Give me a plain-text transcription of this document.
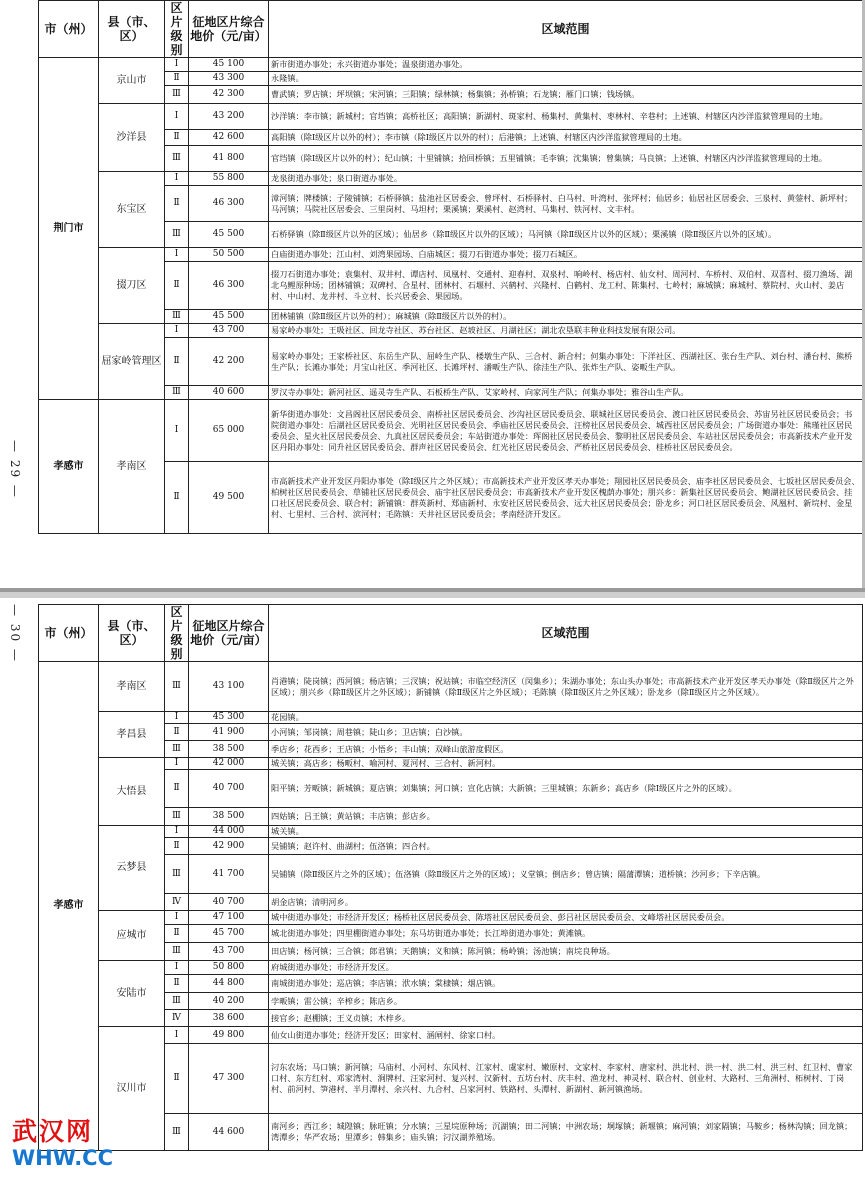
— 29 —
— 30 —
市（州）	县（市、区）	区片级别	征地区片综合地价（元/亩）	区域范围
荆门市	京山市	Ⅰ	45 100	新市街道办事处；永兴街道办事处；温泉街道办事处。
		Ⅱ	43 300	永隆镇。
		Ⅲ	42 300	曹武镇；罗店镇；坪坝镇；宋河镇；三阳镇；绿林镇；杨集镇；孙桥镇；石龙镇；雁门口镇；钱场镇。
	沙洋县	Ⅰ	43 200	沙洋镇：李市镇；新城村；官垱镇；高桥社区；高阳镇；新湖村、斑家村、杨集村、黄集村、枣林村、辛巷村；上述镇、村辖区内沙洋监狱管理局的土地。
		Ⅱ	42 600	高阳镇（除Ⅰ级区片以外的村）；李市镇（除Ⅰ级区片以外的村）；后港镇；上述镇、村辖区内沙洋监狱管理局的土地。
		Ⅲ	41 800	官垱镇（除Ⅰ级区片以外的村）；纪山镇；十里铺镇；拾回桥镇；五里铺镇；毛李镇；沈集镇；曾集镇；马良镇；上述镇、村辖区内沙洋监狱管理局的土地。
	东宝区	Ⅰ	55 800	龙泉街道办事处；泉口街道办事处。
		Ⅱ	46 300	漳河镇；牌楼镇；子陵铺镇；石桥驿镇；盐池社区居委会、曾坪村、石桥驿村、白马村、叶湾村、张坪村；仙居乡；仙居社区居委会、三泉村、黄蓥村、新坪村；马河镇；马院社区居委会、三里岗村、马坦村；栗溪镇；栗溪村、赵湾村、马集村、铁河村、文丰村。
		Ⅲ	45 500	石桥驿镇（除Ⅱ级区片以外的区域）；仙居乡（除Ⅱ级区片以外的区域）；马河镇（除Ⅱ级区片以外的区域）；栗溪镇（除Ⅱ级区片以外的区域）。
	掇刀区	Ⅰ	50 500	白庙街道办事处；江山村、刘湾果园场、白庙城区；掇刀石街道办事处；掇刀石城区。
		Ⅱ	46 300	掇刀石街道办事处；袁集村、双井村、谭店村、凤凰村、交通村、迎春村、双泉村、响岭村、杨店村、仙女村、周河村、车桥村、双伯村、双喜村、掇刀渔场、湖北乌鲤原种场；团林铺镇；双碑村、合星村、团林村、石堰村、兴鹤村、兴隆村、白鹤村、龙工村、陈集村、七岭村；麻城镇；麻城村、蔡院村、火山村、姜店村、中山村、龙井村、斗立村、长兴居委会、果园场。
		Ⅲ	45 500	团林铺镇（除Ⅱ级区片以外的村）；麻城镇（除Ⅱ级区片以外的村）。
	屈家岭管理区	Ⅰ	43 700	易家岭办事处；王吸社区、回龙寺社区、苏台社区、赵坡社区、月湖社区；湖北农垦联丰种业科技发展有限公司。
		Ⅱ	42 200	易家岭办事处；王家桥社区、东岳生产队、屈岭生产队、楼墩生产队、三合村、新合村；何集办事处：下洋社区、西湖社区、张台生产队、刘台村、潘台村、熊桥生产队；长滩办事处；月宝山社区、季河社区、长滩坪村、潘畈生产队、徐洼生产队、张炸生产队、姿畈生产队。
		Ⅲ	40 600	罗汉寺办事处；新河社区、遥灵寺生产队、石板桥生产队、艾家岭村、向家河生产队；何集办事处；雅谷山生产队。
孝感市	孝南区	Ⅰ	65 000	新华街道办事处：文昌阁社区居民委员会、南桥社区居民委员会、沙沟社区居民委员会、联城社区居民委员会、渡口社区居民委员会、苏宙另社区居民委员会；书院街道办事处：后湖社区居民委员会、光明社区居民委员会、季庙社区居民委员会、汪榜社区居民委员会、城西社区居民委员会；广场街道办事处：熊瑾社区居民委员会、星火社区居民委员会、九真社区居民委员会；车站街道办事处：珲阁社区居民委员会、黎明社区居民委员会、车站社区居民委员会；市高新技术产业开发区丹阳办事处：同升社区居民委员会、群声社区居民委员会、红光社区居民委员会、严桥社区居民委员会、桂桥社区居民委员会。
		Ⅱ	49 500	市高新技术产业开发区丹阳办事处（除Ⅰ级区片之外区域）；市高新技术产业开发区孝天办事处；翔园社区居民委员会、庙李社区居民委员会、七坂社区居民委员会、柏树社区居民委员会、草铺社区居民委员会、庙宇社区居民委员会；市高新技术产业开发区槐荫办事处；朋兴乡：新集社区居民委员会、鲍湖社区居民委员会、挂口社区居民委员会、联合村；新铺镇：群英新村、郑庙新村、永安社区居民委员会、远大社区居民委员会；卧龙乡；河口社区居民委员会、风凰村、新垸村、金星村、七里村、三合村、滨河村；毛陈镇：天井社区居民委员会；孝南经济开发区。
市（州）	县（市、区）	区片级别	征地区片综合地价（元/亩）	区域范围
孝感市	孝南区	Ⅲ	43 100	肖港镇；陡岗镇；西河镇；杨店镇；三汊镇；祝站镇；市临空经济区（闵集乡）；朱湖办事处；东山头办事处；市高新技术产业开发区孝天办事处（除Ⅱ级区片之外区域）；朋兴乡（除Ⅱ级区片之外区域）；新铺镇（除Ⅱ级区片之外区域）；毛陈镇（除Ⅱ级区片之外区域）；卧龙乡（除Ⅱ级区片之外区域）。
	孝昌县	Ⅰ	45 300	花园镇。
		Ⅱ	41 900	小河镇；邹岗镇；周巷镇；陡山乡；卫店镇；白沙镇。
		Ⅲ	38 500	季店乡；花西乡；王店镇；小悟乡；丰山镇；双峰山旅游度假区。
	大悟县	Ⅰ	42 000	城关镇；高店乡；杨畈村、喻河村、夏河村、三合村、新河村。
		Ⅱ	40 700	阳平镇；芳畈镇；新城镇；夏店镇；刘集镇；河口镇；宣化店镇；大新镇；三里城镇；东新乡；高店乡（除Ⅰ级区片之外的区域）。
		Ⅲ	38 500	四姑镇；吕王镇；黄站镇；丰店镇；彭店乡。
	云梦县	Ⅰ	44 000	城关镇。
		Ⅱ	42 900	吴铺镇；赵许村、曲湖村；伍洛镇；四合村。
		Ⅲ	41 700	吴铺镇（除Ⅱ级区片之外的区域）；伍洛镇（除Ⅱ级区片之外的区域）；义堂镇；倒店乡；曾店镇；隔蒲潭镇；道桥镇；沙河乡；下辛店镇。
		Ⅳ	40 700	胡金店镇；清明河乡。
	应城市	Ⅰ	47 100	城中街道办事处；市经济开发区；杨桥社区居民委员会、陈塔社区居民委员会、彭吕社区居民委员会、文峰塔社区居民委员会。
		Ⅱ	45 700	城北街道办事处；四里棚街道办事处；东马坊街道办事处；长江埠街道办事处；黄滩镇。
		Ⅲ	43 700	田店镇；杨河镇；三合镇；郎君镇；天鹅镇；义和镇；陈河镇；杨岭镇；汤池镇；南垸良种场。
	安陆市	Ⅰ	50 800	府城街道办事处；市经济开发区。
		Ⅱ	44 800	南城街道办事处；巡店镇；李店镇；洑水镇；棠棣镇；烟店镇。
		Ⅲ	40 200	孛畈镇；雷公镇；辛榨乡；陈店乡。
		Ⅳ	38 600	接官乡；赵棚镇；王义贞镇；木梓乡。
	汉川市	Ⅰ	49 800	仙女山街道办事处；经济开发区；田家村、涵闸村、徐家口村。
		Ⅱ	47 300	汈东农场；马口镇；新河镇；马庙村、小河村、东风村、江家村、虞家村、嫩原村、文家村、李家村、唐家村、洪北村、洪一村、洪二村、洪三村、红卫村、曹家口村、东方红村、邓家湾村、涧牌村、汪家河村、复兴村、汉新村、五坊台村、庆丰村、渔龙村、神灵村、联合村、创业村、大路村、三角洲村、柘树村、丁岗村、前河村、笋港村、半月潭村、余兴村、九合村、吕家河村、铁路村、头潭村、新湖村、新河镇渔场。
		Ⅲ	44 600	南河乡；西江乡；城隍镇；脉旺镇；分水镇；三星垸原种场；沉湖镇；田二河镇；中洲农场；垌塚镇；新堰镇；麻河镇；刘家隔镇；马鞍乡；杨林沟镇；回龙镇；湾潭乡；华严农场；里潭乡；韩集乡；庙头镇；汈汉湖养殖场。
武汉网
WHW.CC
